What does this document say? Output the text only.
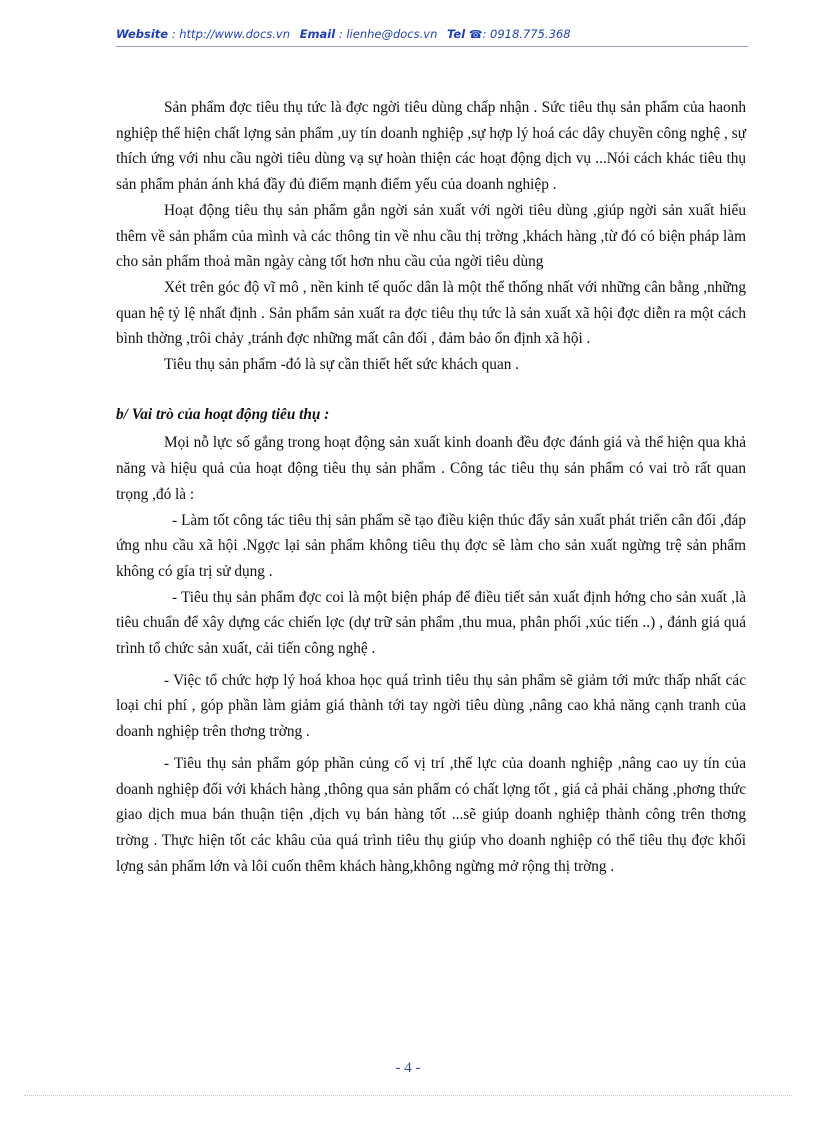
Website : http://www.docs.vn Email : lienhe@docs.vn Tel ☎: 0918.775.368

Sản phẩm đợc tiêu thụ tức là đợc ngời tiêu dùng chấp nhận . Sức tiêu thụ sản phẩm của haonh nghiệp thể hiện chất lợng sản phẩm ,uy tín doanh nghiệp ,sự hợp lý hoá các dây chuyền công nghệ , sự thích ứng với nhu cầu ngời tiêu dùng vạ sự hoàn thiện các hoạt động dịch vụ ...Nói cách khác tiêu thụ sản phẩm phản ánh khá đầy đủ điểm mạnh điểm yếu của doanh nghiệp .

Hoạt động tiêu thụ sản phẩm gắn ngời sản xuất với ngời tiêu dùng ,giúp ngời sản xuất hiểu thêm về sản phẩm của mình và các thông tin về nhu cầu thị trờng ,khách hàng ,từ đó có biện pháp làm cho sản phẩm thoả mãn ngày càng tốt hơn nhu cầu của ngời tiêu dùng

Xét trên góc độ vĩ mô , nền kinh tế quốc dân là một thể thống nhất với những cân bằng ,những quan hệ tỷ lệ nhất định . Sản phẩm sản xuất ra đợc tiêu thụ tức là sản xuất xã hội đợc diễn ra một cách bình thờng ,trôi chảy ,tránh đợc những mất cân đối , đảm bảo ổn định xã hội .

Tiêu thụ sản phẩm -đó là sự cần thiết hết sức khách quan .

b/ Vai trò của hoạt động tiêu thụ :

Mọi nỗ lực số gắng trong hoạt động sản xuất kinh doanh đều đợc đánh giá và thể hiện qua khả năng và hiệu quả của hoạt động tiêu thụ sản phẩm . Công tác tiêu thụ sản phẩm có vai trò rất quan trọng ,đó là :

- Làm tốt công tác tiêu thị sản phẩm sẽ tạo điều kiện thúc đẩy sản xuất phát triển cân đối ,đáp ứng nhu cầu xã hội .Ngợc lại sản phẩm không tiêu thụ đợc sẽ làm cho sản xuất ngừng trệ sản phẩm không có gía trị sử dụng .

- Tiêu thụ sản phẩm đợc coi là một biện pháp để điều tiết sản xuất định hớng cho sản xuất ,là tiêu chuẩn để xây dựng các chiến lợc (dự trữ sản phẩm ,thu mua, phân phối ,xúc tiến ..) , đánh giá quá trình tổ chức sản xuất, cải tiến công nghệ .

- Việc tổ chức hợp lý hoá khoa học quá trình tiêu thụ sản phẩm sẽ giảm tới mức thấp nhất các loại chi phí , góp phần làm giảm giá thành tới tay ngời tiêu dùng ,nâng cao khả năng cạnh tranh của doanh nghiệp trên thơng trờng .

- Tiêu thụ sản phẩm góp phần củng cố vị trí ,thế lực của doanh nghiệp ,nâng cao uy tín của doanh nghiệp đối với khách hàng ,thông qua sản phẩm có chất lợng tốt , giá cả phải chăng ,phơng thức giao dịch mua bán thuận tiện ,dịch vụ bán hàng tốt ...sẽ giúp doanh nghiệp thành công trên thơng trờng . Thực hiện tốt các khâu của quá trình tiêu thụ giúp vho doanh nghiệp có thể tiêu thụ đợc khối lợng sản phẩm lớn và lôi cuốn thêm khách hàng,không ngừng mở rộng thị trờng .

- 4 -
